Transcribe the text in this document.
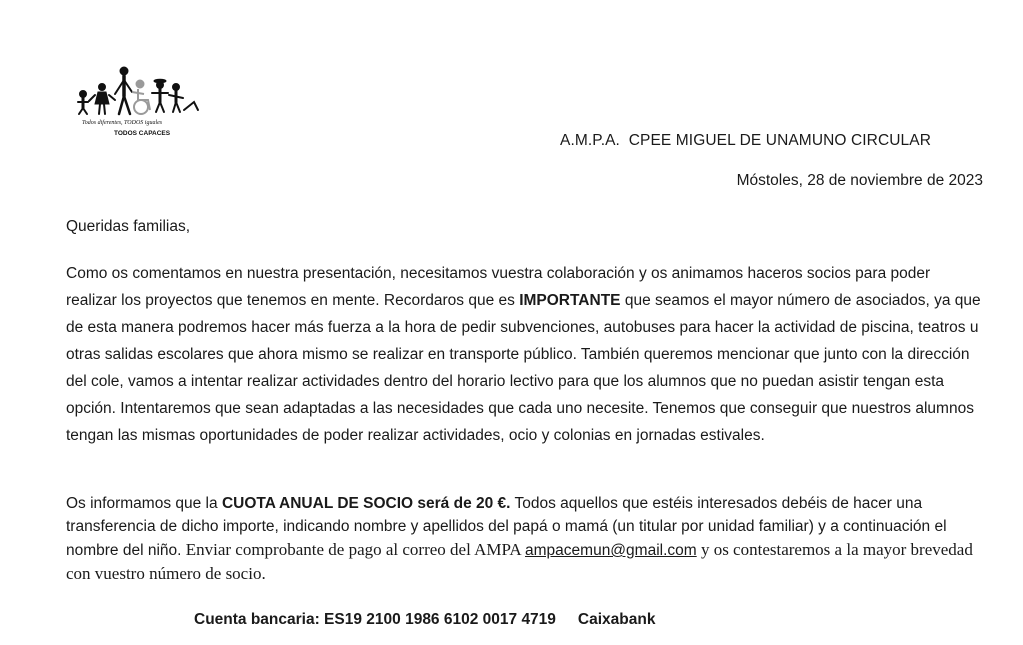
Todos diferentes, TODOS iguales
TODOS CAPACES	A.M.P.A.  CPEE MIGUEL DE UNAMUNO CIRCULAR
Móstoles, 28 de noviembre de 2023
Queridas familias,
Como os comentamos en nuestra presentación, necesitamos vuestra colaboración y os animamos haceros socios para poder realizar los proyectos que tenemos en mente. Recordaros que es IMPORTANTE que seamos el mayor número de asociados, ya que de esta manera podremos hacer más fuerza a la hora de pedir subvenciones, autobuses para hacer la actividad de piscina, teatros u otras salidas escolares que ahora mismo se realizar en transporte público. También queremos mencionar que junto con la dirección del cole, vamos a intentar realizar actividades dentro del horario lectivo para que los alumnos que no puedan asistir tengan esta opción. Intentaremos que sean adaptadas a las necesidades que cada uno necesite. Tenemos que conseguir que nuestros alumnos tengan las mismas oportunidades de poder realizar actividades, ocio y colonias en jornadas estivales.
Os informamos que la CUOTA ANUAL DE SOCIO será de 20 €. Todos aquellos que estéis interesados debéis de hacer una transferencia de dicho importe, indicando nombre y apellidos del papá o mamá (un titular por unidad familiar) y a continuación el nombre del niño. Enviar comprobante de pago al correo del AMPA ampacemun@gmail.com y os contestaremos a la mayor brevedad con vuestro número de socio.
Cuenta bancaria: ES19 2100 1986 6102 0017 4719 Caixabank
